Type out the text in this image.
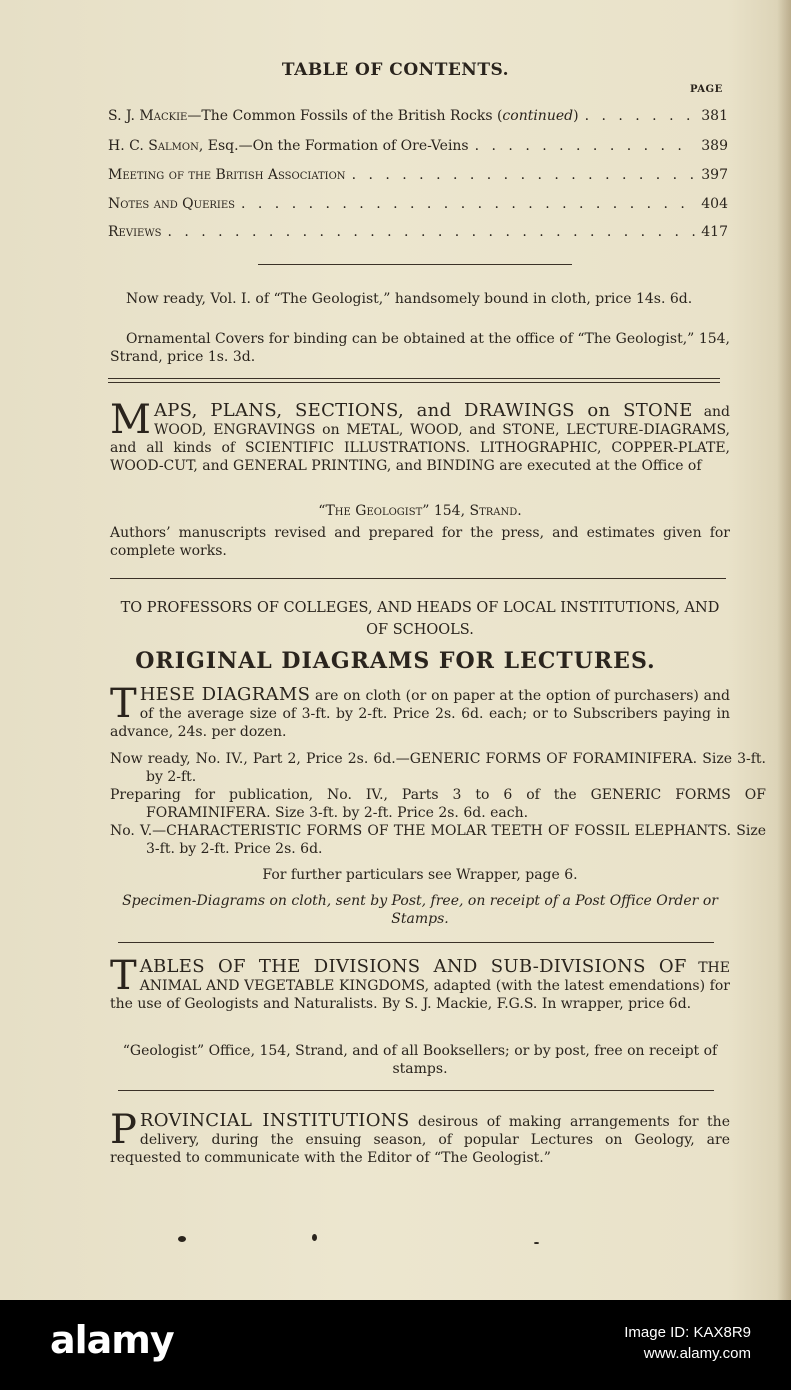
TABLE OF CONTENTS.
PAGE
S. J. Mackie—The Common Fossils of the British Rocks (continued) . . .	381
H. C. Salmon, Esq.—On the Formation of Ore-Veins . . .	389
Meeting of the British Association . . .	397
Notes and Queries . . .	404
Reviews . . .	417
Now ready, Vol. I. of “The Geologist,” handsomely bound in cloth, price 14s. 6d.
Ornamental Covers for binding can be obtained at the office of “The Geologist,” 154, Strand, price 1s. 3d.
MAPS, PLANS, SECTIONS, and DRAWINGS on STONE and WOOD, ENGRAVINGS on METAL, WOOD, and STONE, LECTURE-DIAGRAMS, and all kinds of SCIENTIFIC ILLUSTRATIONS. LITHOGRAPHIC, COPPER-PLATE, WOOD-CUT, and GENERAL PRINTING, and BINDING are executed at the Office of
“The Geologist” 154, Strand.
Authors’ manuscripts revised and prepared for the press, and estimates given for complete works.
TO PROFESSORS OF COLLEGES, AND HEADS OF LOCAL INSTITUTIONS, AND OF SCHOOLS.
ORIGINAL DIAGRAMS FOR LECTURES.
THESE DIAGRAMS are on cloth (or on paper at the option of purchasers) and of the average size of 3-ft. by 2-ft. Price 2s. 6d. each; or to Subscribers paying in advance, 24s. per dozen.
Now ready, No. IV., Part 2, Price 2s. 6d.—GENERIC FORMS OF FORAMINIFERA. Size 3-ft. by 2-ft.
Preparing for publication, No. IV., Parts 3 to 6 of the GENERIC FORMS OF FORAMINIFERA. Size 3-ft. by 2-ft. Price 2s. 6d. each.
No. V.—CHARACTERISTIC FORMS OF THE MOLAR TEETH OF FOSSIL ELEPHANTS. Size 3-ft. by 2-ft. Price 2s. 6d.
For further particulars see Wrapper, page 6.
Specimen-Diagrams on cloth, sent by Post, free, on receipt of a Post Office Order or Stamps.
TABLES OF THE DIVISIONS AND SUB-DIVISIONS OF THE ANIMAL AND VEGETABLE KINGDOMS, adapted (with the latest emendations) for the use of Geologists and Naturalists. By S. J. Mackie, F.G.S. In wrapper, price 6d.
“Geologist” Office, 154, Strand, and of all Booksellers; or by post, free on receipt of stamps.
PROVINCIAL INSTITUTIONS desirous of making arrangements for the delivery, during the ensuing season, of popular Lectures on Geology, are requested to communicate with the Editor of “The Geologist.”
alamy	Image ID: KAX8R9
www.alamy.com
